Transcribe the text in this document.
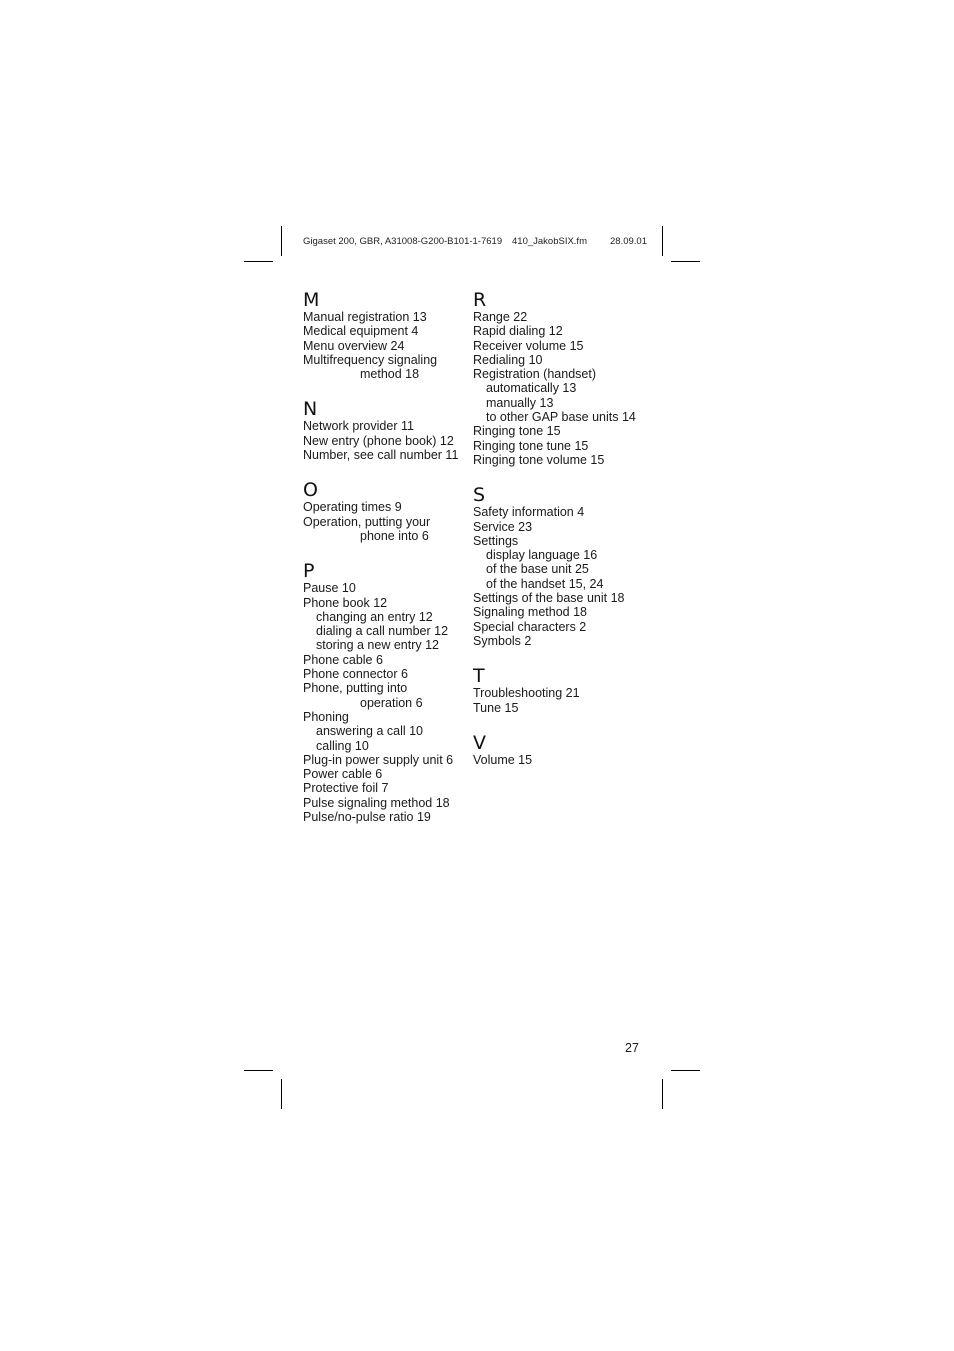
Gigaset 200, GBR, A31008-G200-B101-1-7619 410_JakobSIX.fm 28.09.01
M
Manual registration 13
Medical equipment 4
Menu overview 24
Multifrequency signaling
method 18
N
Network provider 11
New entry (phone book) 12
Number, see call number 11
O
Operating times 9
Operation, putting your
phone into 6
P
Pause 10
Phone book 12
changing an entry 12
dialing a call number 12
storing a new entry 12
Phone cable 6
Phone connector 6
Phone, putting into
operation 6
Phoning
answering a call 10
calling 10
Plug-in power supply unit 6
Power cable 6
Protective foil 7
Pulse signaling method 18
Pulse/no-pulse ratio 19
R
Range 22
Rapid dialing 12
Receiver volume 15
Redialing 10
Registration (handset)
automatically 13
manually 13
to other GAP base units 14
Ringing tone 15
Ringing tone tune 15
Ringing tone volume 15
S
Safety information 4
Service 23
Settings
display language 16
of the base unit 25
of the handset 15, 24
Settings of the base unit 18
Signaling method 18
Special characters 2
Symbols 2
T
Troubleshooting 21
Tune 15
V
Volume 15
27
